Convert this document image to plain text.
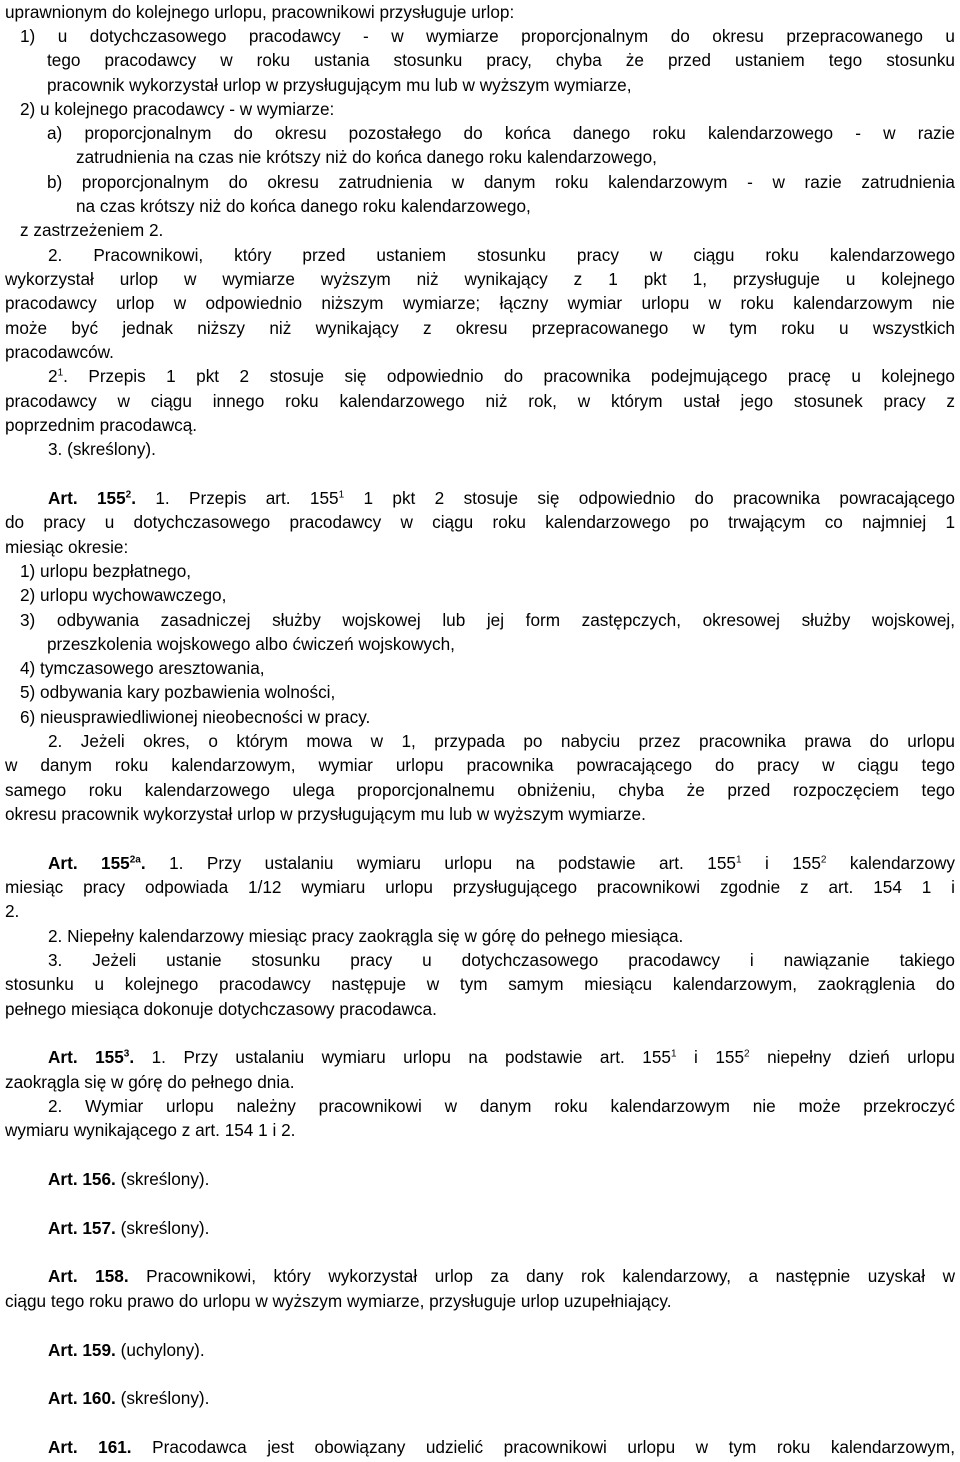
uprawnionym do kolejnego urlopu, pracownikowi przysługuje urlop:
1) u dotychczasowego pracodawcy - w wymiarze proporcjonalnym do okresu przepracowanego u
tego pracodawcy w roku ustania stosunku pracy, chyba że przed ustaniem tego stosunku
pracownik wykorzystał urlop w przysługującym mu lub w wyższym wymiarze,
2) u kolejnego pracodawcy - w wymiarze:
a) proporcjonalnym do okresu pozostałego do końca danego roku kalendarzowego - w razie
zatrudnienia na czas nie krótszy niż do końca danego roku kalendarzowego,
b) proporcjonalnym do okresu zatrudnienia w danym roku kalendarzowym - w razie zatrudnienia
na czas krótszy niż do końca danego roku kalendarzowego,
z zastrzeżeniem 2.
2. Pracownikowi, który przed ustaniem stosunku pracy w ciągu roku kalendarzowego
wykorzystał urlop w wymiarze wyższym niż wynikający z 1 pkt 1, przysługuje u kolejnego
pracodawcy urlop w odpowiednio niższym wymiarze; łączny wymiar urlopu w roku kalendarzowym nie
może być jednak niższy niż wynikający z okresu przepracowanego w tym roku u wszystkich
pracodawców.
$2^1$. Przepis 1 pkt 2 stosuje się odpowiednio do pracownika podejmującego pracę u kolejnego
pracodawcy w ciągu innego roku kalendarzowego niż rok, w którym ustał jego stosunek pracy z
poprzednim pracodawcą.
3. (skreślony).
Art. $155^2$. 1. Przepis art. $155^1$ 1 pkt 2 stosuje się odpowiednio do pracownika powracającego
do pracy u dotychczasowego pracodawcy w ciągu roku kalendarzowego po trwającym co najmniej 1
miesiąc okresie:
1) urlopu bezpłatnego,
2) urlopu wychowawczego,
3) odbywania zasadniczej służby wojskowej lub jej form zastępczych, okresowej służby wojskowej,
przeszkolenia wojskowego albo ćwiczeń wojskowych,
4) tymczasowego aresztowania,
5) odbywania kary pozbawienia wolności,
6) nieusprawiedliwionej nieobecności w pracy.
2. Jeżeli okres, o którym mowa w 1, przypada po nabyciu przez pracownika prawa do urlopu
w danym roku kalendarzowym, wymiar urlopu pracownika powracającego do pracy w ciągu tego
samego roku kalendarzowego ulega proporcjonalnemu obniżeniu, chyba że przed rozpoczęciem tego
okresu pracownik wykorzystał urlop w przysługującym mu lub w wyższym wymiarze.
Art. $155^{2a}$. 1. Przy ustalaniu wymiaru urlopu na podstawie art. $155^1$ i $155^2$ kalendarzowy
miesiąc pracy odpowiada 1/12 wymiaru urlopu przysługującego pracownikowi zgodnie z art. 154 1 i
2.
2. Niepełny kalendarzowy miesiąc pracy zaokrągla się w górę do pełnego miesiąca.
3. Jeżeli ustanie stosunku pracy u dotychczasowego pracodawcy i nawiązanie takiego
stosunku u kolejnego pracodawcy następuje w tym samym miesiącu kalendarzowym, zaokrąglenia do
pełnego miesiąca dokonuje dotychczasowy pracodawca.
Art. $155^3$. 1. Przy ustalaniu wymiaru urlopu na podstawie art. $155^1$ i $155^2$ niepełny dzień urlopu
zaokrągla się w górę do pełnego dnia.
2. Wymiar urlopu należny pracownikowi w danym roku kalendarzowym nie może przekroczyć
wymiaru wynikającego z art. 154 1 i 2.
Art. 156. (skreślony).
Art. 157. (skreślony).
Art. 158. Pracownikowi, który wykorzystał urlop za dany rok kalendarzowy, a następnie uzyskał w
ciągu tego roku prawo do urlopu w wyższym wymiarze, przysługuje urlop uzupełniający.
Art. 159. (uchylony).
Art. 160. (skreślony).
Art. 161. Pracodawca jest obowiązany udzielić pracownikowi urlopu w tym roku kalendarzowym,
